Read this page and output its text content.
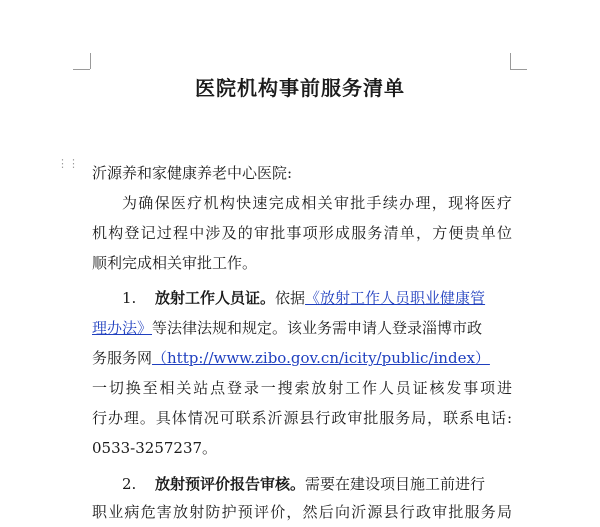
医院机构事前服务清单
⋮⋮
沂源养和家健康养老中心医院:
为确保医疗机构快速完成相关审批手续办理，现将医疗
机构登记过程中涉及的审批事项形成服务清单，方便贵单位
顺利完成相关审批工作。
1. 放射工作人员证。依据《放射工作人员职业健康管
理办法》等法律法规和规定。该业务需申请人登录淄博市政
务服务网（http://www.zibo.gov.cn/icity/public/index）
一切换至相关站点登录一搜索放射工作人员证核发事项进
行办理。具体情况可联系沂源县行政审批服务局，联系电话:
0533-3257237。
2. 放射预评价报告审核。需要在建设项目施工前进行
职业病危害放射防护预评价，然后向沂源县行政审批服务局
